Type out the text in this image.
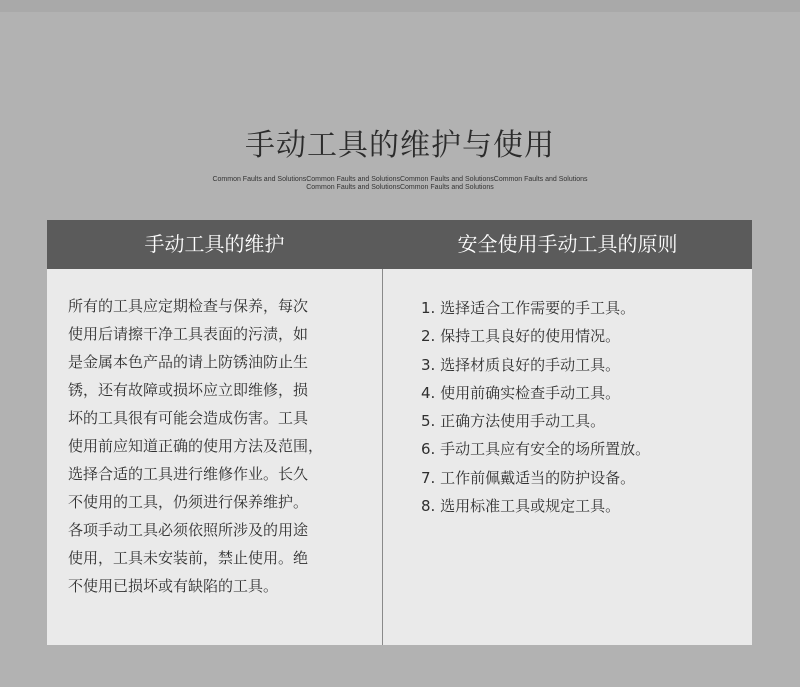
手动工具的维护与使用
Common Faults and SolutionsCommon Faults and SolutionsCommon Faults and SolutionsCommon Faults and Solutions
Common Faults and SolutionsCommon Faults and Solutions
手动工具的维护	安全使用手动工具的原则
所有的工具应定期检查与保养，每次
使用后请擦干净工具表面的污渍，如
是金属本色产品的请上防锈油防止生
锈，还有故障或损坏应立即维修，损
坏的工具很有可能会造成伤害。工具
使用前应知道正确的使用方法及范围，
选择合适的工具进行维修作业。长久
不使用的工具，仍须进行保养维护。
各项手动工具必须依照所涉及的用途
使用，工具未安装前，禁止使用。绝
不使用已损坏或有缺陷的工具。
1. 选择适合工作需要的手工具。
2. 保持工具良好的使用情况。
3. 选择材质良好的手动工具。
4. 使用前确实检查手动工具。
5. 正确方法使用手动工具。
6. 手动工具应有安全的场所置放。
7. 工作前佩戴适当的防护设备。
8. 选用标准工具或规定工具。
